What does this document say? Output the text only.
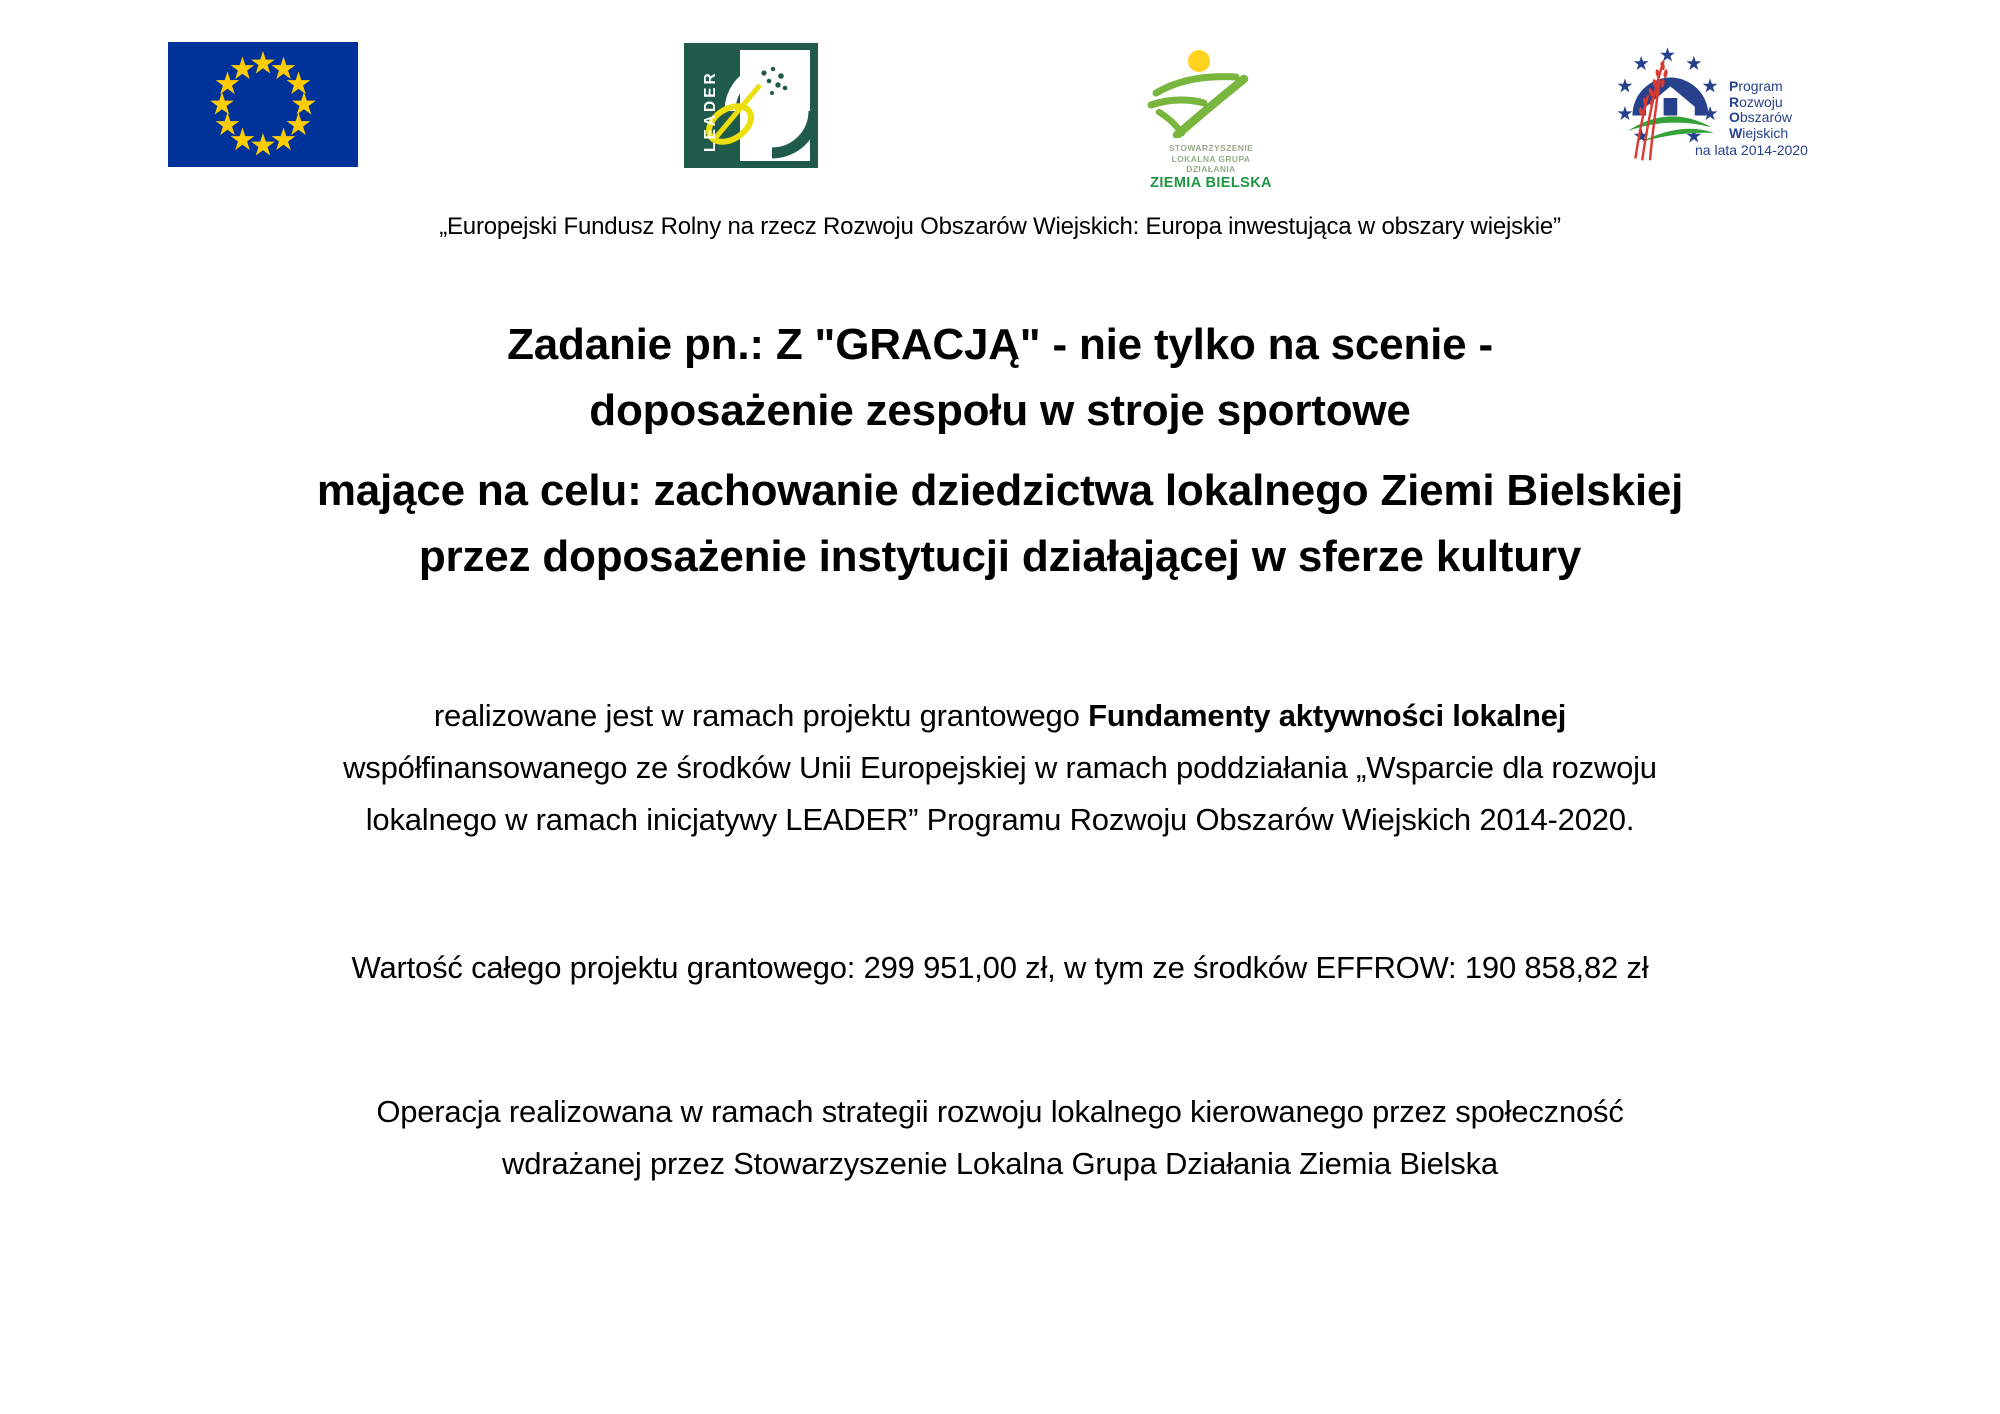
LEADER	STOWARZYSZENIE
LOKALNA GRUPA DZIAŁANIA
ZIEMIA BIELSKA
Program
Rozwoju
Obszarów
Wiejskich
na lata 2014-2020
„Europejski Fundusz Rolny na rzecz Rozwoju Obszarów Wiejskich: Europa inwestująca w obszary wiejskie”
Zadanie pn.: Z "GRACJĄ" - nie tylko na scenie -
doposażenie zespołu w stroje sportowe
mające na celu: zachowanie dziedzictwa lokalnego Ziemi Bielskiej
przez doposażenie instytucji działającej w sferze kultury
realizowane jest w ramach projektu grantowego Fundamenty aktywności lokalnej
współfinansowanego ze środków Unii Europejskiej w ramach poddziałania „Wsparcie dla rozwoju
lokalnego w ramach inicjatywy LEADER” Programu Rozwoju Obszarów Wiejskich 2014-2020.
Wartość całego projektu grantowego: 299 951,00 zł, w tym ze środków EFFROW: 190 858,82 zł
Operacja realizowana w ramach strategii rozwoju lokalnego kierowanego przez społeczność
wdrażanej przez Stowarzyszenie Lokalna Grupa Działania Ziemia Bielska
